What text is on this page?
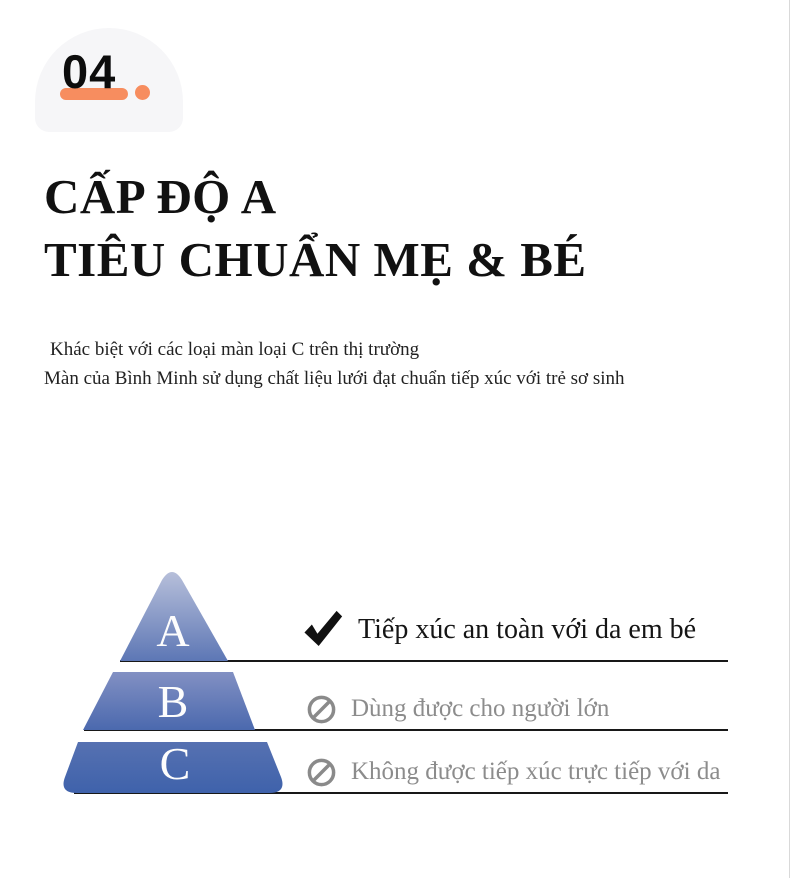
04
CẤP ĐỘ A
TIÊU CHUẨN MẸ & BÉ

Khác biệt với các loại màn loại C trên thị trường

Màn của Bình Minh sử dụng chất liệu lưới đạt chuẩn tiếp xúc với trẻ sơ sinh

A
B
C
Tiếp xúc an toàn với da em bé
Dùng được cho người lớn
Không được tiếp xúc trực tiếp với da
